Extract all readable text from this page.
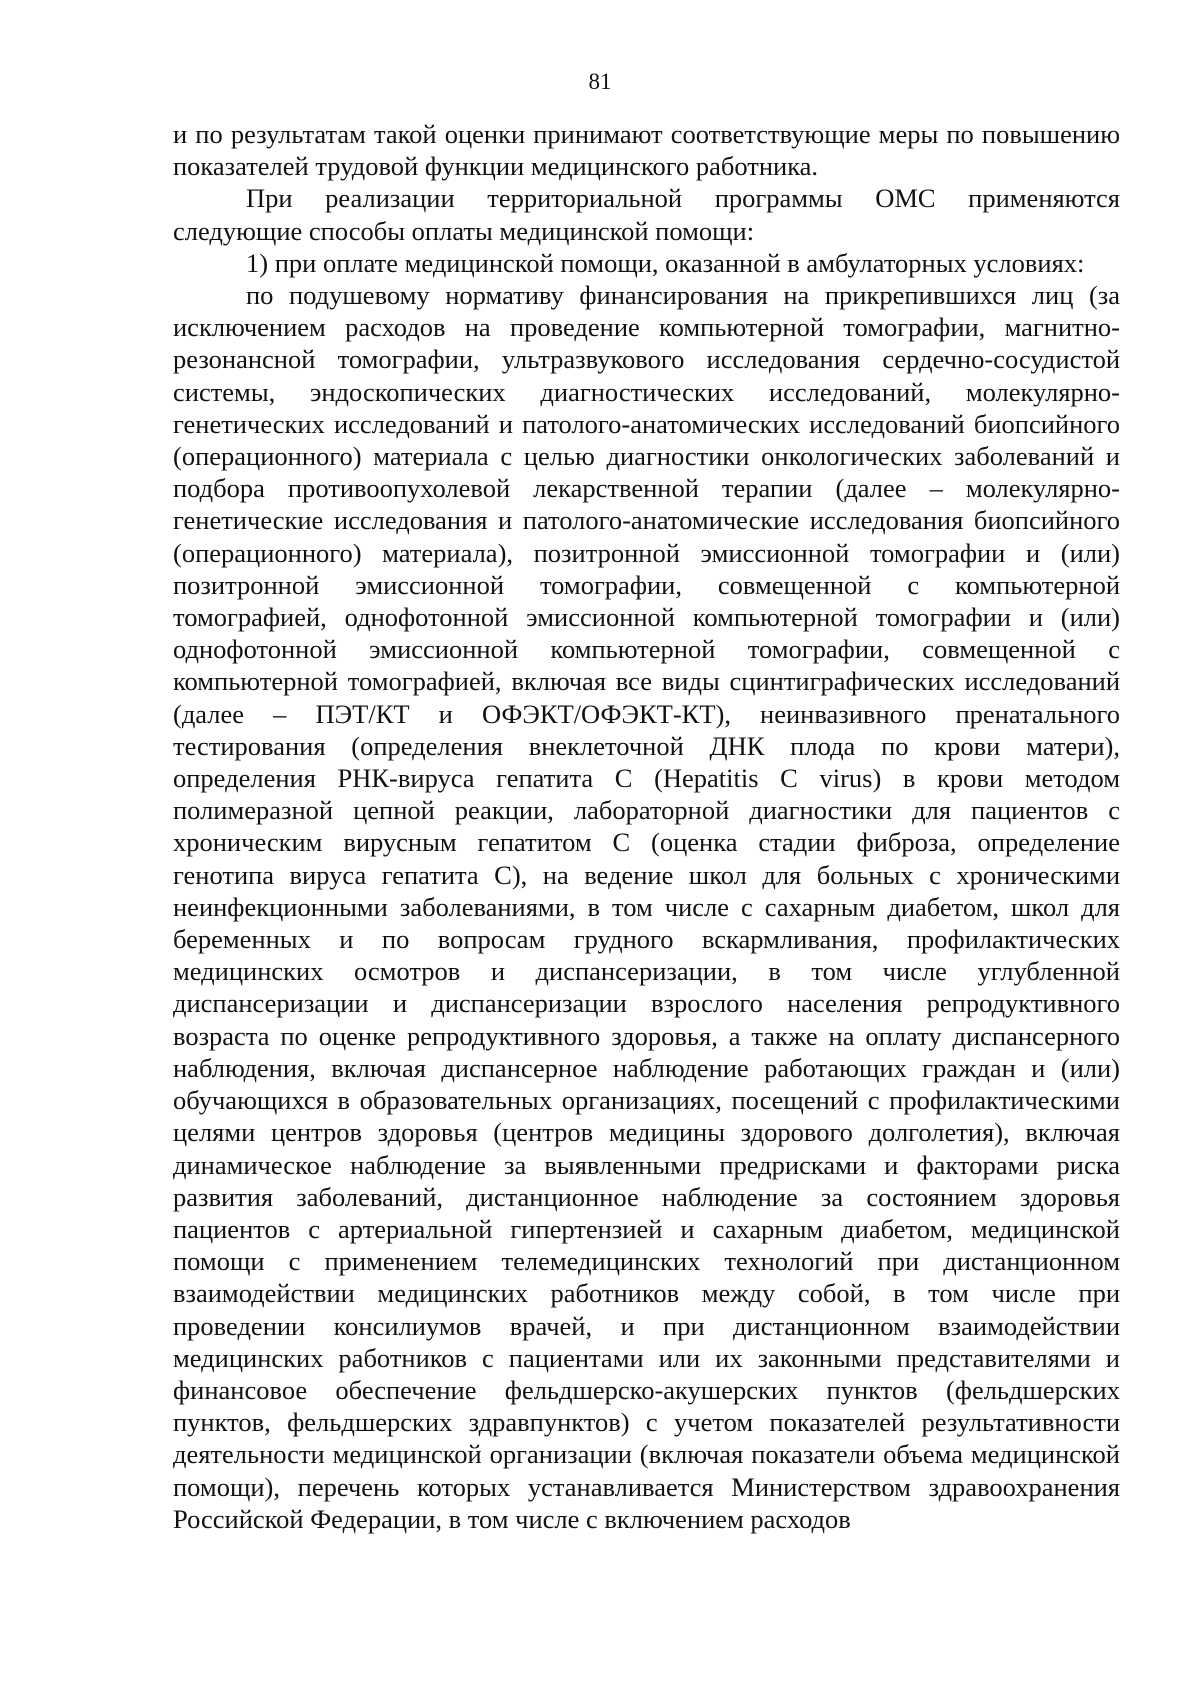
81

и по результатам такой оценки принимают соответствующие меры по повышению показателей трудовой функции медицинского работника.

При реализации территориальной программы ОМС применяются следующие способы оплаты медицинской помощи:

1) при оплате медицинской помощи, оказанной в амбулаторных условиях:

по подушевому нормативу финансирования на прикрепившихся лиц (за исключением расходов на проведение компьютерной томографии, магнитно-резонансной томографии, ультразвукового исследования сердечно-сосудистой системы, эндоскопических диагностических исследований, молекулярно-генетических исследований и патолого-анатомических исследований биопсийного (операционного) материала с целью диагностики онкологических заболеваний и подбора противоопухолевой лекарственной терапии (далее – молекулярно-генетические исследования и патолого-анатомические исследования биопсийного (операционного) материала), позитронной эмиссионной томографии и (или) позитронной эмиссионной томографии, совмещенной с компьютерной томографией, однофотонной эмиссионной компьютерной томографии и (или) однофотонной эмиссионной компьютерной томографии, совмещенной с компьютерной томографией, включая все виды сцинтиграфических исследований (далее – ПЭТ/КТ и ОФЭКТ/ОФЭКТ-КТ), неинвазивного пренатального тестирования (определения внеклеточной ДНК плода по крови матери), определения РНК-вируса гепатита C (Hepatitis C virus) в крови методом полимеразной цепной реакции, лабораторной диагностики для пациентов с хроническим вирусным гепатитом C (оценка стадии фиброза, определение генотипа вируса гепатита C), на ведение школ для больных с хроническими неинфекционными заболеваниями, в том числе с сахарным диабетом, школ для беременных и по вопросам грудного вскармливания, профилактических медицинских осмотров и диспансеризации, в том числе углубленной диспансеризации и диспансеризации взрослого населения репродуктивного возраста по оценке репродуктивного здоровья, а также на оплату диспансерного наблюдения, включая диспансерное наблюдение работающих граждан и (или) обучающихся в образовательных организациях, посещений с профилактическими целями центров здоровья (центров медицины здорового долголетия), включая динамическое наблюдение за выявленными предрисками и факторами риска развития заболеваний, дистанционное наблюдение за состоянием здоровья пациентов с артериальной гипертензией и сахарным диабетом, медицинской помощи с применением телемедицинских технологий при дистанционном взаимодействии медицинских работников между собой, в том числе при проведении консилиумов врачей, и при дистанционном взаимодействии медицинских работников с пациентами или их законными представителями и финансовое обеспечение фельдшерско-акушерских пунктов (фельдшерских пунктов, фельдшерских здравпунктов) с учетом показателей результативности деятельности медицинской организации (включая показатели объема медицинской помощи), перечень которых устанавливается Министерством здравоохранения Российской Федерации, в том числе с включением расходов
